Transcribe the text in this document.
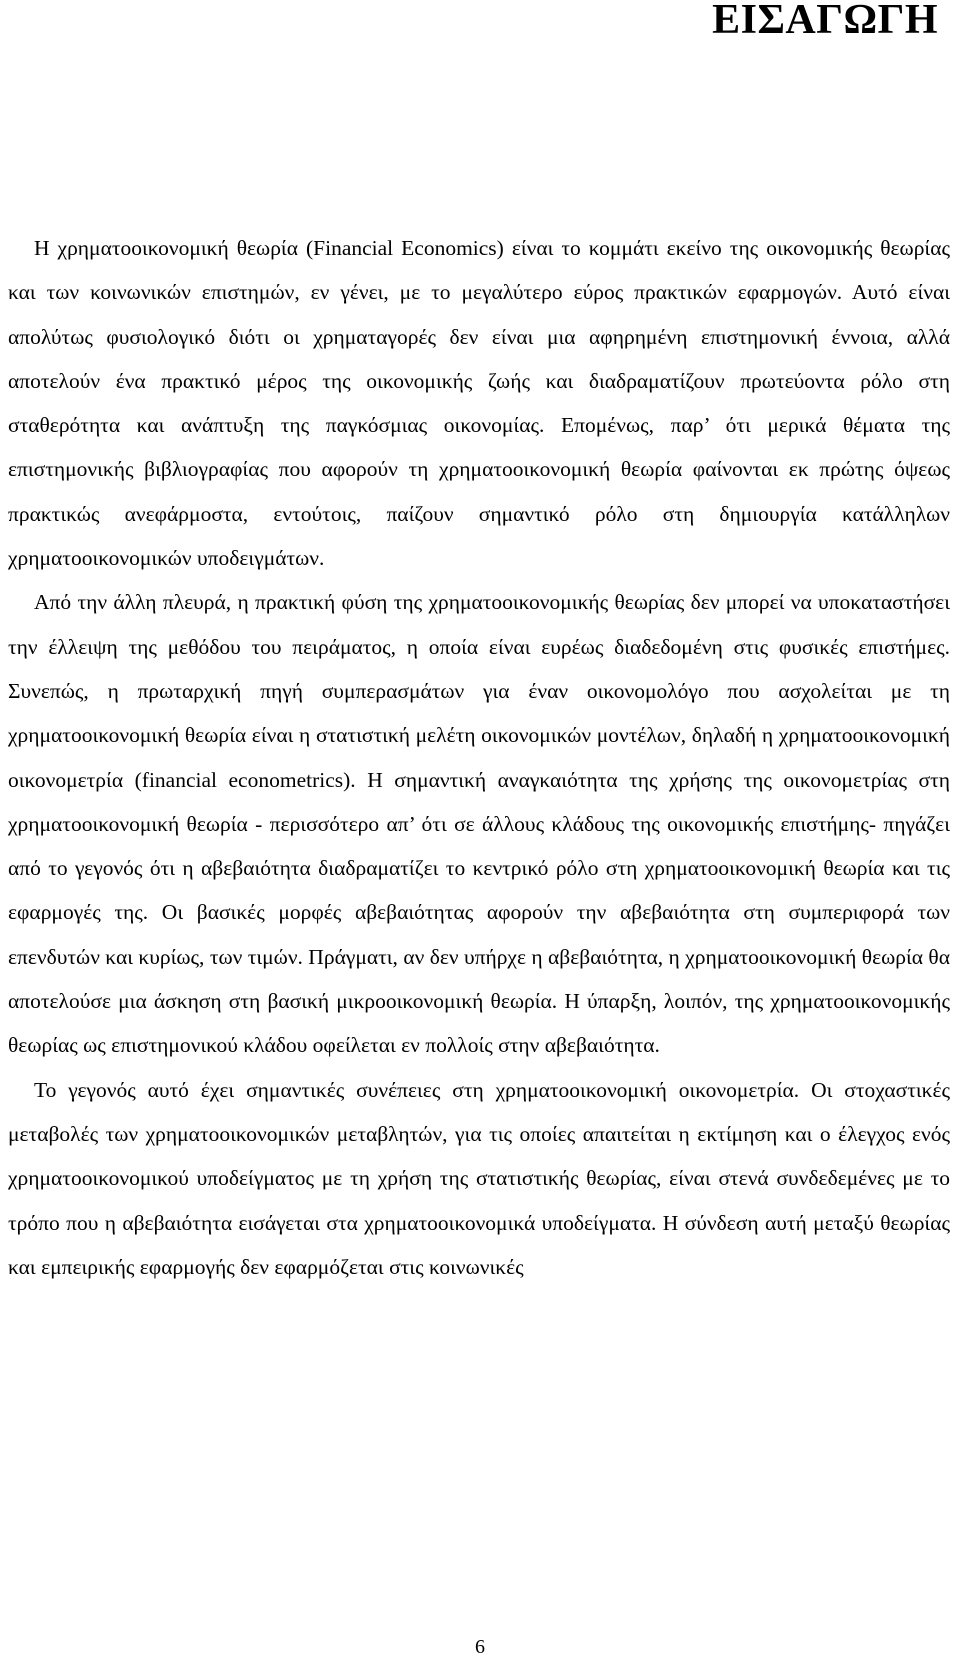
ΕΙΣΑΓΩΓΗ

Η χρηματοοικονομική θεωρία (Financial Economics) είναι το κομμάτι εκείνο της οικονομικής θεωρίας και των κοινωνικών επιστημών, εν γένει, με το μεγαλύτερο εύρος πρακτικών εφαρμογών. Αυτό είναι απολύτως φυσιολογικό διότι οι χρηματαγορές δεν είναι μια αφηρημένη επιστημονική έννοια, αλλά αποτελούν ένα πρακτικό μέρος της οικονομικής ζωής και διαδραματίζουν πρωτεύοντα ρόλο στη σταθερότητα και ανάπτυξη της παγκόσμιας οικονομίας. Επομένως, παρ’ ότι μερικά θέματα της επιστημονικής βιβλιογραφίας που αφορούν τη χρηματοοικονομική θεωρία φαίνονται εκ πρώτης όψεως πρακτικώς ανεφάρμοστα, εντούτοις, παίζουν σημαντικό ρόλο στη δημιουργία κατάλληλων χρηματοοικονομικών υποδειγμάτων.

Από την άλλη πλευρά, η πρακτική φύση της χρηματοοικονομικής θεωρίας δεν μπορεί να υποκαταστήσει την έλλειψη της μεθόδου του πειράματος, η οποία είναι ευρέως διαδεδομένη στις φυσικές επιστήμες. Συνεπώς, η πρωταρχική πηγή συμπερασμάτων για έναν οικονομολόγο που ασχολείται με τη χρηματοοικονομική θεωρία είναι η στατιστική μελέτη οικονομικών μοντέλων, δηλαδή η χρηματοοικονομική οικονομετρία (financial econometrics). Η σημαντική αναγκαιότητα της χρήσης της οικονομετρίας στη χρηματοοικονομική θεωρία - περισσότερο απ’ ότι σε άλλους κλάδους της οικονομικής επιστήμης- πηγάζει από το γεγονός ότι η αβεβαιότητα διαδραματίζει το κεντρικό ρόλο στη χρηματοοικονομική θεωρία και τις εφαρμογές της. Οι βασικές μορφές αβεβαιότητας αφορούν την αβεβαιότητα στη συμπεριφορά των επενδυτών και κυρίως, των τιμών. Πράγματι, αν δεν υπήρχε η αβεβαιότητα, η χρηματοοικονομική θεωρία θα αποτελούσε μια άσκηση στη βασική μικροοικονομική θεωρία. Η ύπαρξη, λοιπόν, της χρηματοοικονομικής θεωρίας ως επιστημονικού κλάδου οφείλεται εν πολλοίς στην αβεβαιότητα.

Το γεγονός αυτό έχει σημαντικές συνέπειες στη χρηματοοικονομική οικονομετρία. Οι στοχαστικές μεταβολές των χρηματοοικονομικών μεταβλητών, για τις οποίες απαιτείται η εκτίμηση και ο έλεγχος ενός χρηματοοικονομικού υποδείγματος με τη χρήση της στατιστικής θεωρίας, είναι στενά συνδεδεμένες με το τρόπο που η αβεβαιότητα εισάγεται στα χρηματοοικονομικά υποδείγματα. Η σύνδεση αυτή μεταξύ θεωρίας και εμπειρικής εφαρμογής δεν εφαρμόζεται στις κοινωνικές

6
